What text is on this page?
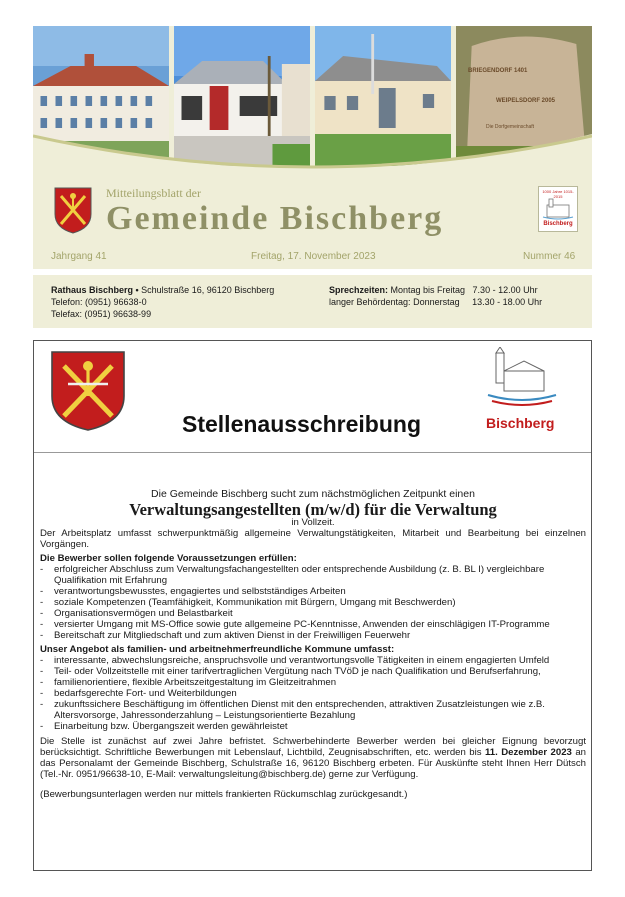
BRIEGENDORF 1401
WEIPELSDORF 2005
Die Dorfgemeinschaft
1000 Jahre 1015-2015
Bischberg
Mitteilungsblatt der
Gemeinde Bischberg
Jahrgang 41	Freitag, 17. November 2023	Nummer 46
Rathaus Bischberg • Schulstraße 16, 96120 Bischberg
Telefon: (0951) 96638-0
Telefax: (0951) 96638-99
Sprechzeiten: Montag bis Freitag   7.30 - 12.00 Uhr
langer Behördentag: Donnerstag     13.30 - 18.00 Uhr
Bischberg
Stellenausschreibung
Die Gemeinde Bischberg sucht zum nächstmöglichen Zeitpunkt einen
Verwaltungsangestellten (m/w/d) für die Verwaltung
in Vollzeit.
Der Arbeitsplatz umfasst schwerpunktmäßig allgemeine Verwaltungstätigkeiten, Mitarbeit und Bearbeitung bei einzelnen Vorgängen.
Die Bewerber sollen folgende Voraussetzungen erfüllen:
- erfolgreicher Abschluss zum Verwaltungsfachangestellten oder entsprechende Ausbildung (z. B. BL I) vergleichbare Qualifikation mit Erfahrung
- verantwortungsbewusstes, engagiertes und selbstständiges Arbeiten
- soziale Kompetenzen (Teamfähigkeit, Kommunikation mit Bürgern, Umgang mit Beschwerden)
- Organisationsvermögen und Belastbarkeit
- versierter Umgang mit MS-Office sowie gute allgemeine PC-Kenntnisse, Anwenden der einschlägigen IT-Programme
- Bereitschaft zur Mitgliedschaft und zum aktiven Dienst in der Freiwilligen Feuerwehr
Unser Angebot als familien- und arbeitnehmerfreundliche Kommune umfasst:
- interessante, abwechslungsreiche, anspruchsvolle und verantwortungsvolle Tätigkeiten in einem engagierten Umfeld
- Teil- oder Vollzeitstelle mit einer tarifvertraglichen Vergütung nach TVöD je nach Qualifikation und Berufserfahrung,
- familienorientiere, flexible Arbeitszeitgestaltung im Gleitzeitrahmen
- bedarfsgerechte Fort- und Weiterbildungen
- zukunftssichere Beschäftigung im öffentlichen Dienst mit den entsprechenden, attraktiven Zusatzleistungen wie z.B. Altersvorsorge, Jahressonderzahlung – Leistungsorientierte Bezahlung
- Einarbeitung bzw. Übergangszeit werden gewährleistet
Die Stelle ist zunächst auf zwei Jahre befristet. Schwerbehinderte Bewerber werden bei gleicher Eignung bevorzugt berücksichtigt. Schriftliche Bewerbungen mit Lebenslauf, Lichtbild, Zeugnisabschriften, etc. werden bis 11. Dezember 2023 an das Personalamt der Gemeinde Bischberg, Schulstraße 16, 96120 Bischberg erbeten. Für Auskünfte steht Ihnen Herr Dütsch (Tel.-Nr. 0951/96638-10, E-Mail: verwaltungsleitung@bischberg.de) gerne zur Verfügung.
(Bewerbungsunterlagen werden nur mittels frankierten Rückumschlag zurückgesandt.)
